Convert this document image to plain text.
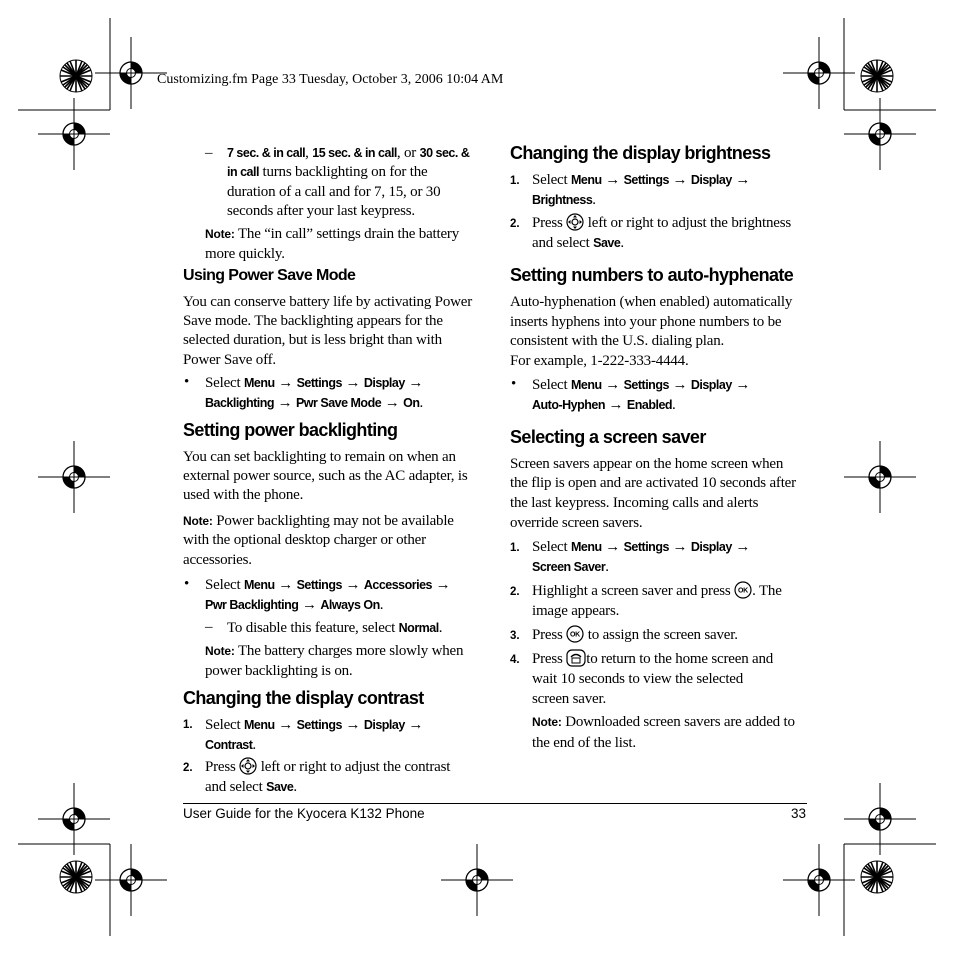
Customizing.fm Page 33 Tuesday, October 3, 2006 10:04 AM
– 7 sec. & in call, 15 sec. & in call, or 30 sec. &
in call turns backlighting on for the
duration of a call and for 7, 15, or 30
seconds after your last keypress.
Note: The “in call” settings drain the battery
more quickly.
Using Power Save Mode
You can conserve battery life by activating Power
Save mode. The backlighting appears for the
selected duration, but is less bright than with
Power Save off.
• Select Menu → Settings → Display →
Backlighting → Pwr Save Mode → On.
Setting power backlighting
You can set backlighting to remain on when an
external power source, such as the AC adapter, is
used with the phone.
Note: Power backlighting may not be available
with the optional desktop charger or other
accessories.
• Select Menu → Settings → Accessories →
Pwr Backlighting → Always On.
– To disable this feature, select Normal.
Note: The battery charges more slowly when
power backlighting is on.
Changing the display contrast
1. Select Menu → Settings → Display →
Contrast.
2. Press  left or right to adjust the contrast
and select Save.
Changing the display brightness
1. Select Menu → Settings → Display →
Brightness.
2. Press  left or right to adjust the brightness
and select Save.
Setting numbers to auto-hyphenate
Auto-hyphenation (when enabled) automatically
inserts hyphens into your phone numbers to be
consistent with the U.S. dialing plan.
For example, 1-222-333-4444.
• Select Menu → Settings → Display →
Auto-Hyphen → Enabled.
Selecting a screen saver
Screen savers appear on the home screen when
the flip is open and are activated 10 seconds after
the last keypress. Incoming calls and alerts
override screen savers.
1. Select Menu → Settings → Display →
Screen Saver.
2. Highlight a screen saver and press OK . The
image appears.
3. Press OK to assign the screen saver.
4. Press to return to the home screen and
wait 10 seconds to view the selected
screen saver.
Note: Downloaded screen savers are added to
the end of the list.
User Guide for the Kyocera K132 Phone	33
